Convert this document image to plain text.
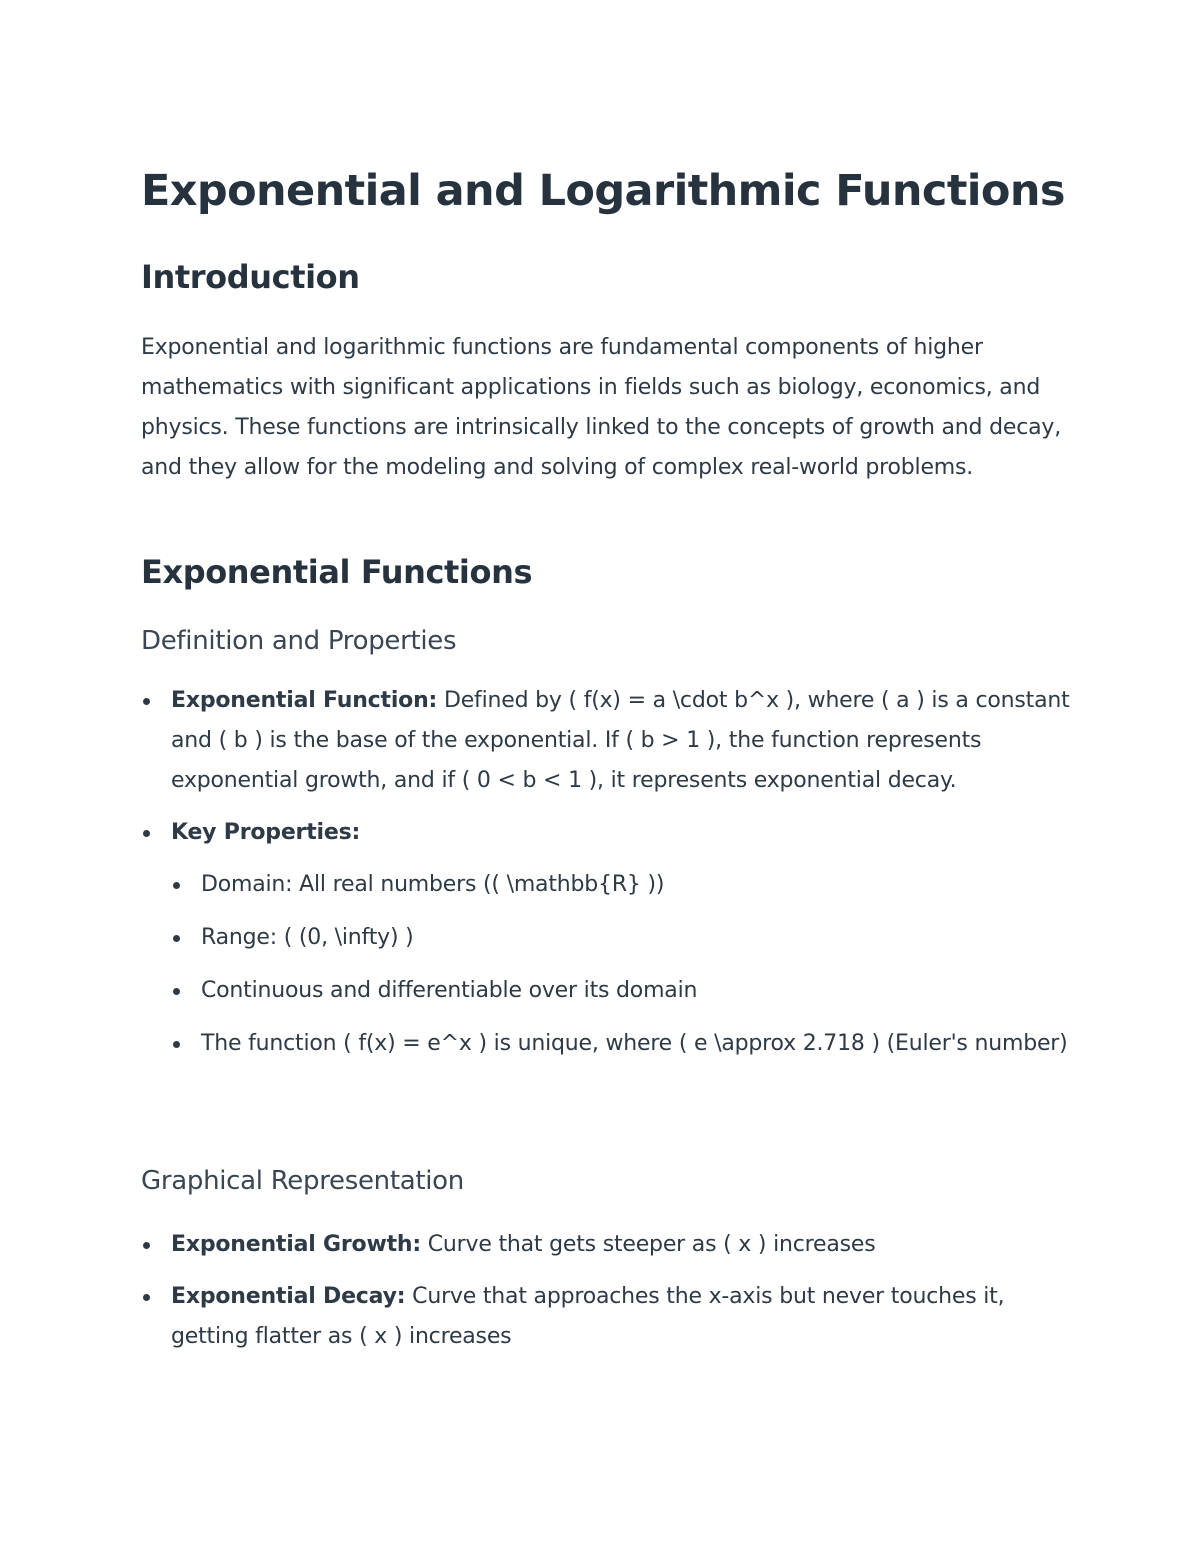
Exponential and Logarithmic Functions
Introduction

Exponential and logarithmic functions are fundamental components of higher mathematics with significant applications in fields such as biology, economics, and physics. These functions are intrinsically linked to the concepts of growth and decay, and they allow for the modeling and solving of complex real-world problems.

Exponential Functions
Definition and Properties
Exponential Function: Defined by ( f(x) = a \cdot b^x ), where ( a ) is a constant and ( b ) is the base of the exponential. If ( b > 1 ), the function represents exponential growth, and if ( 0 < b < 1 ), it represents exponential decay.
Key Properties:
Domain: All real numbers (( \mathbb{R} ))
Range: ( (0, \infty) )
Continuous and differentiable over its domain
The function ( f(x) = e^x ) is unique, where ( e \approx 2.718 ) (Euler's number)
Graphical Representation
Exponential Growth: Curve that gets steeper as ( x ) increases
Exponential Decay: Curve that approaches the x-axis but never touches it, getting flatter as ( x ) increases
